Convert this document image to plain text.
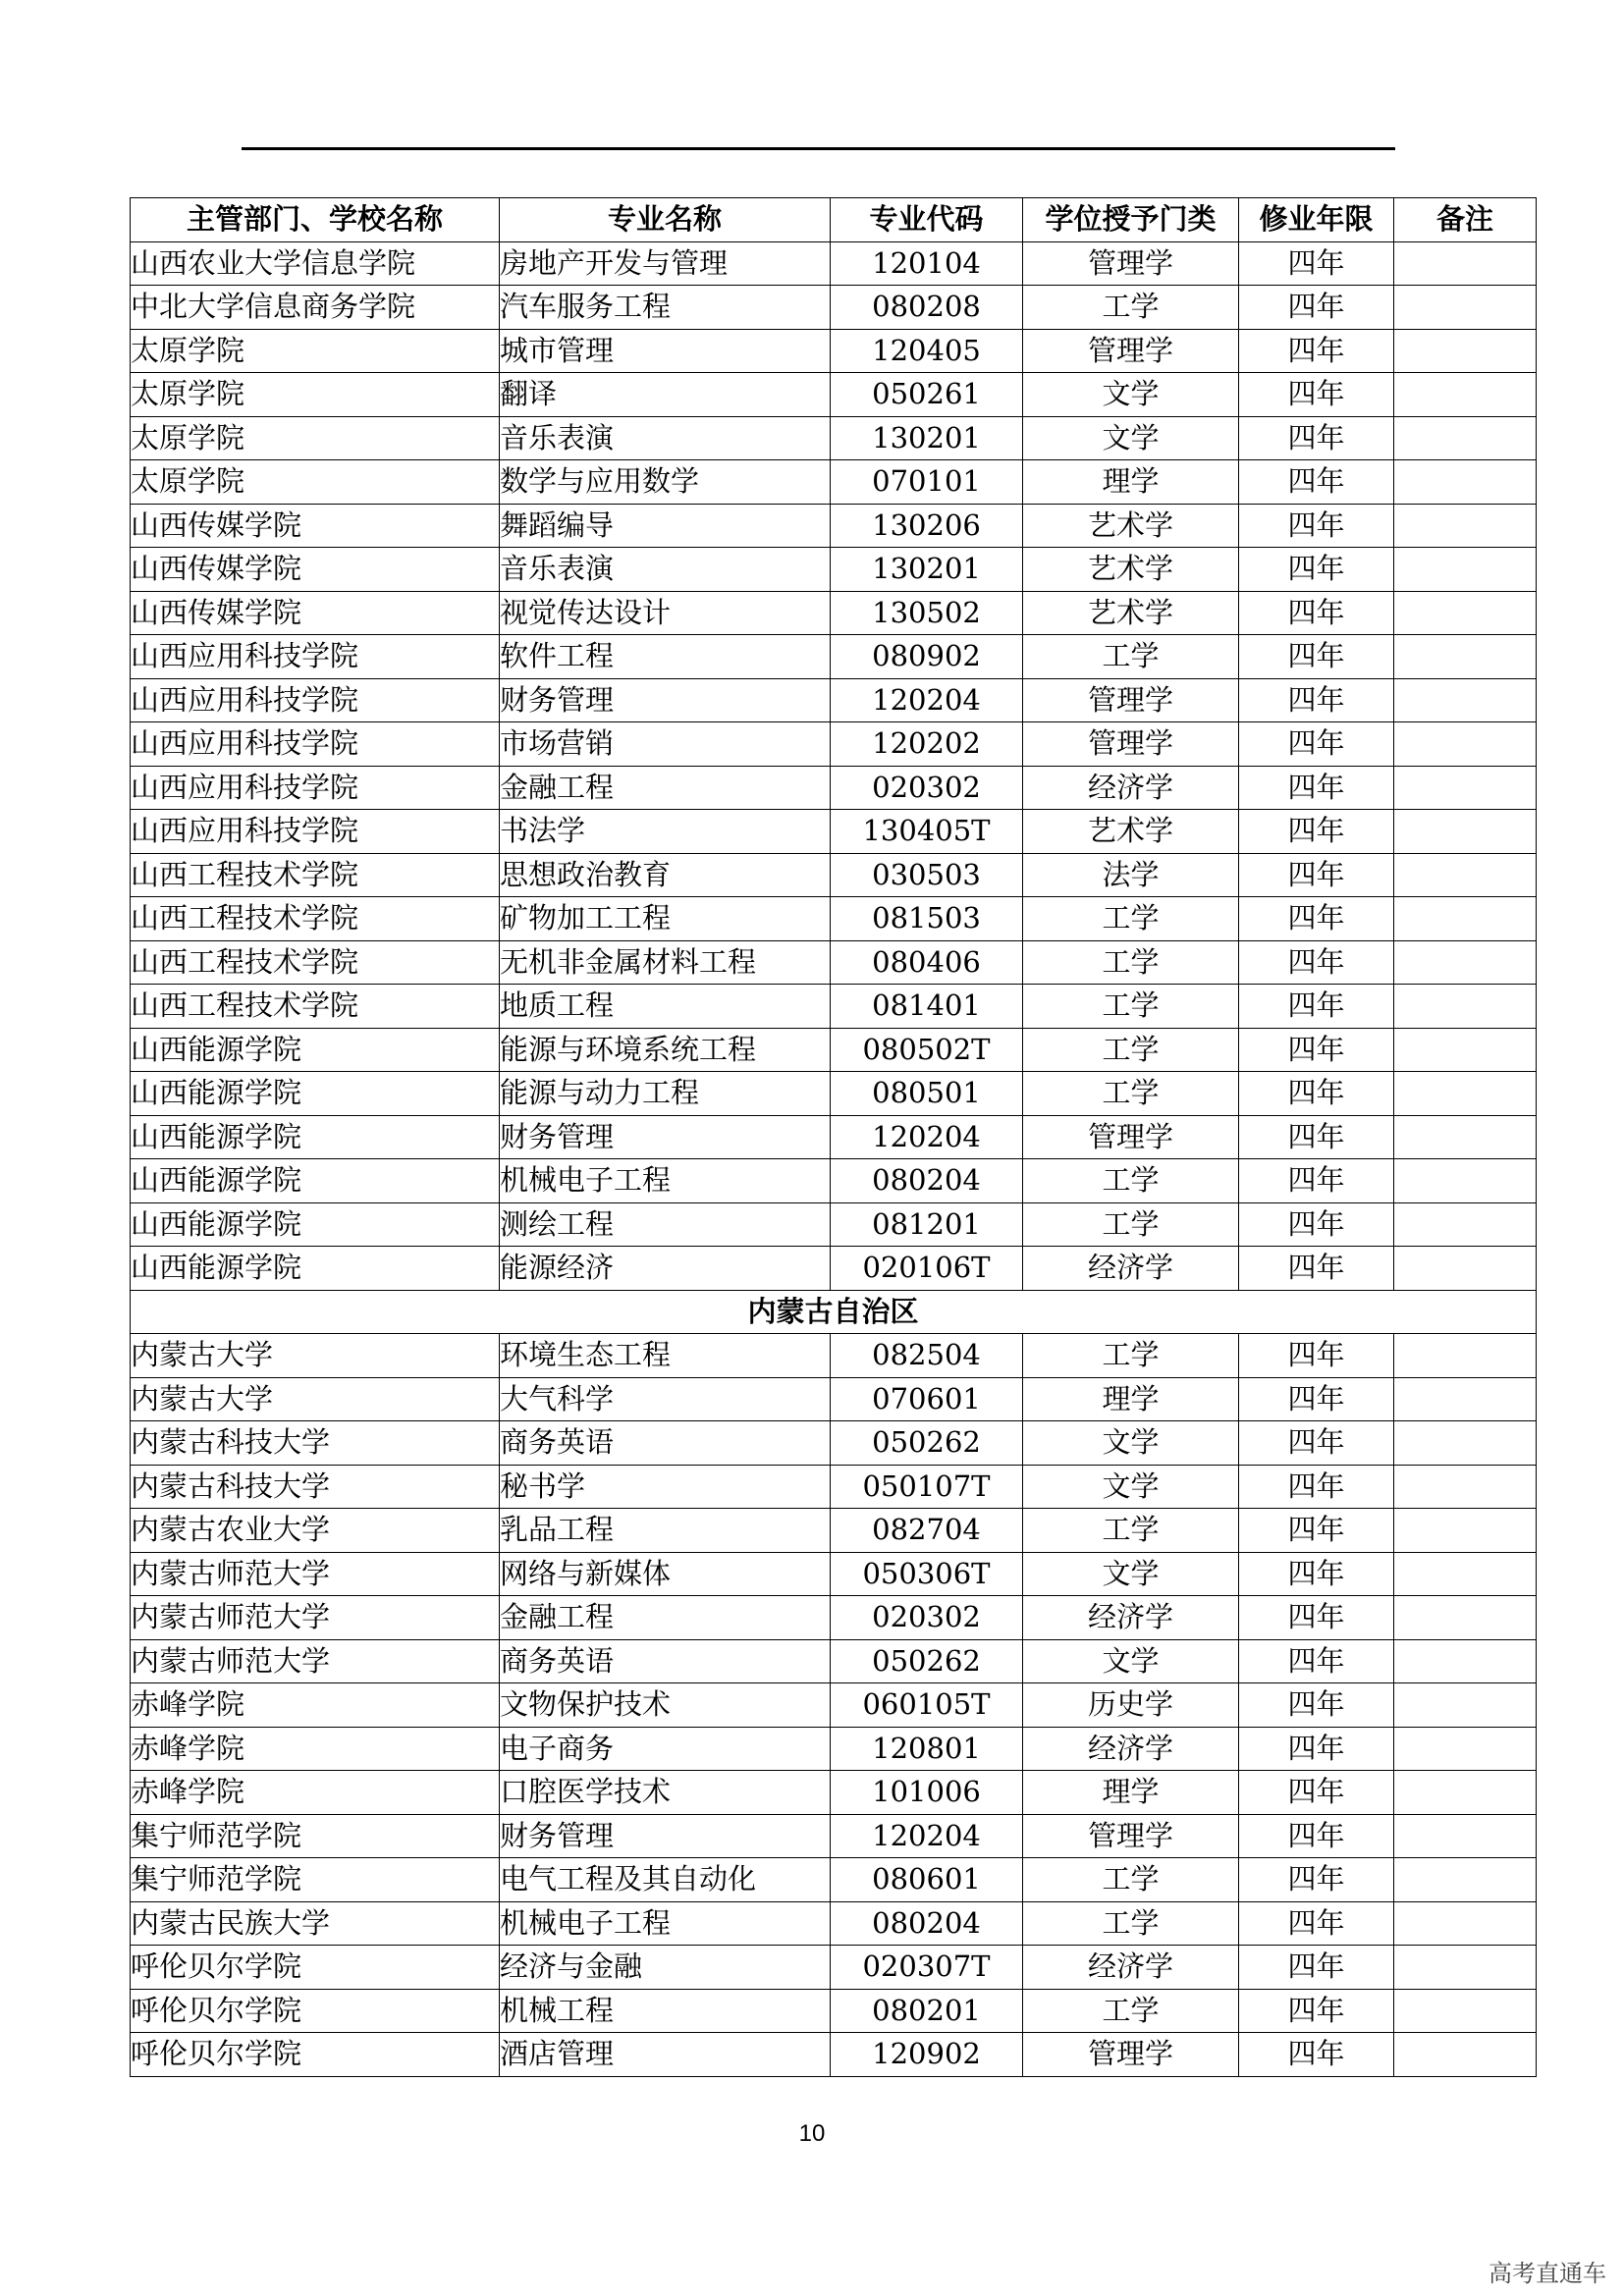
主管部门、学校名称	专业名称	专业代码	学位授予门类	修业年限	备注
山西农业大学信息学院	房地产开发与管理	120104	管理学	四年	
中北大学信息商务学院	汽车服务工程	080208	工学	四年	
太原学院	城市管理	120405	管理学	四年	
太原学院	翻译	050261	文学	四年	
太原学院	音乐表演	130201	文学	四年	
太原学院	数学与应用数学	070101	理学	四年	
山西传媒学院	舞蹈编导	130206	艺术学	四年	
山西传媒学院	音乐表演	130201	艺术学	四年	
山西传媒学院	视觉传达设计	130502	艺术学	四年	
山西应用科技学院	软件工程	080902	工学	四年	
山西应用科技学院	财务管理	120204	管理学	四年	
山西应用科技学院	市场营销	120202	管理学	四年	
山西应用科技学院	金融工程	020302	经济学	四年	
山西应用科技学院	书法学	130405T	艺术学	四年	
山西工程技术学院	思想政治教育	030503	法学	四年	
山西工程技术学院	矿物加工工程	081503	工学	四年	
山西工程技术学院	无机非金属材料工程	080406	工学	四年	
山西工程技术学院	地质工程	081401	工学	四年	
山西能源学院	能源与环境系统工程	080502T	工学	四年	
山西能源学院	能源与动力工程	080501	工学	四年	
山西能源学院	财务管理	120204	管理学	四年	
山西能源学院	机械电子工程	080204	工学	四年	
山西能源学院	测绘工程	081201	工学	四年	
山西能源学院	能源经济	020106T	经济学	四年	
内蒙古自治区					
内蒙古大学	环境生态工程	082504	工学	四年	
内蒙古大学	大气科学	070601	理学	四年	
内蒙古科技大学	商务英语	050262	文学	四年	
内蒙古科技大学	秘书学	050107T	文学	四年	
内蒙古农业大学	乳品工程	082704	工学	四年	
内蒙古师范大学	网络与新媒体	050306T	文学	四年	
内蒙古师范大学	金融工程	020302	经济学	四年	
内蒙古师范大学	商务英语	050262	文学	四年	
赤峰学院	文物保护技术	060105T	历史学	四年	
赤峰学院	电子商务	120801	经济学	四年	
赤峰学院	口腔医学技术	101006	理学	四年	
集宁师范学院	财务管理	120204	管理学	四年	
集宁师范学院	电气工程及其自动化	080601	工学	四年	
内蒙古民族大学	机械电子工程	080204	工学	四年	
呼伦贝尔学院	经济与金融	020307T	经济学	四年	
呼伦贝尔学院	机械工程	080201	工学	四年	
呼伦贝尔学院	酒店管理	120902	管理学	四年	
10
高考直通车
